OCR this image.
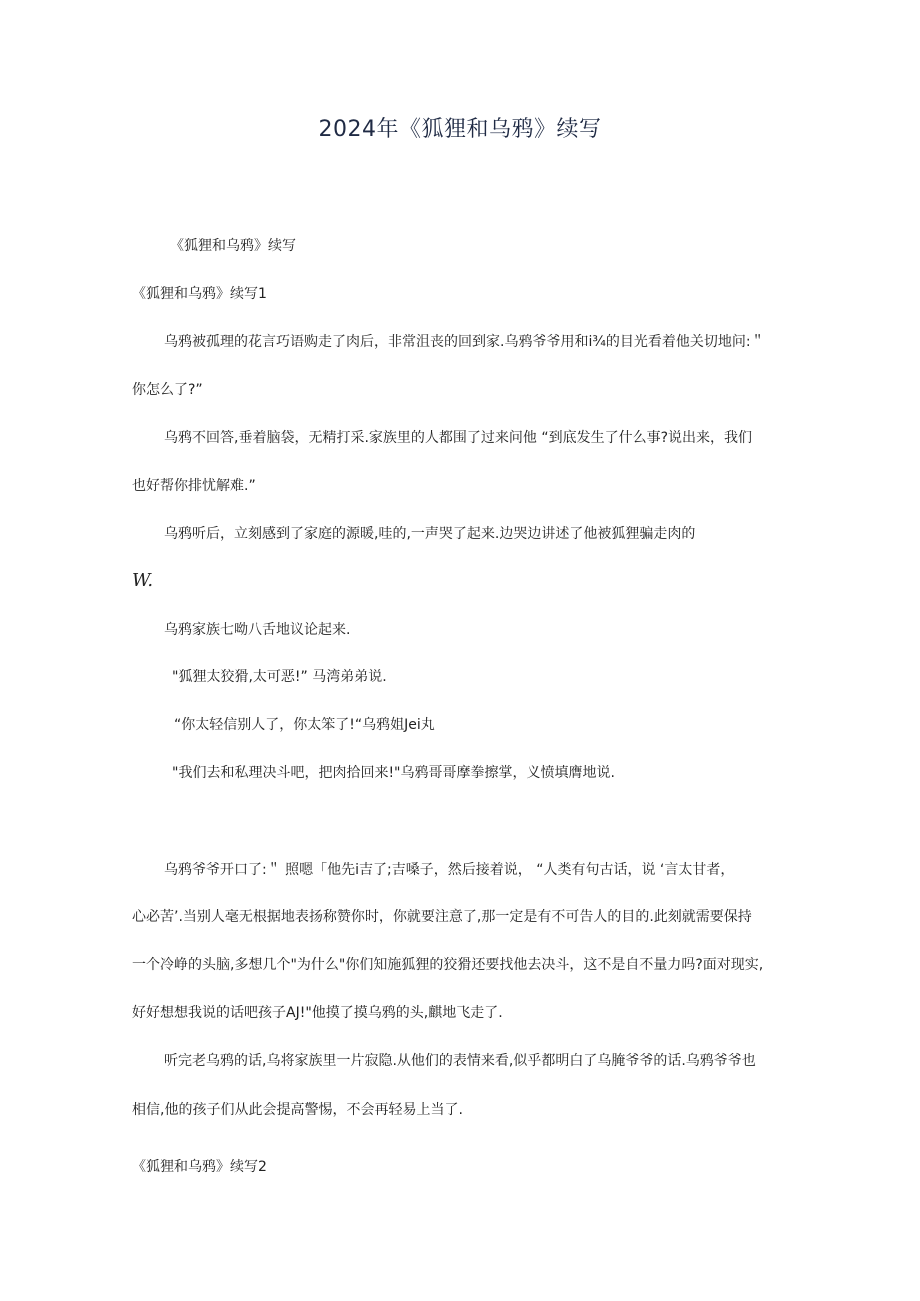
2024年《狐狸和乌鸦》续写
《狐狸和乌鸦》续写
《狐狸和乌鸦》续写1
乌鸦被孤理的花言巧语购走了肉后，非常沮丧的回到家.乌鸦爷爷用和i¾的目光看着他关切地问:＂
你怎么了?”
乌鸦不回答,垂着脑袋，无精打采.家族里的人都围了过来问他 “到底发生了什么事?说出来，我们
也好帮你排忧解难.”
乌鸦听后，立刻感到了家庭的源暖,哇的,一声哭了起来.边哭边讲述了他被狐狸骗走肉的
W.
乌鸦家族七呦八舌地议论起来.
"狐狸太狡猾,太可恶!” 马湾弟弟说.
“你太轻信别人了，你太笨了!“乌鸦姐Jei丸
"我们去和私理决斗吧，把肉拾回来!"乌鸦哥哥摩拳擦掌，义愤填膺地说.
乌鸦爷爷开口了:＂ 照嗯「他先i吉了;吉嗓子，然后接着说， “人类有句古话，说 ‘言太甘者，
心必苦’.当别人毫无根据地表扬称赞你时，你就要注意了,那一定是有不可告人的目的.此刻就需要保持
一个冷峥的头脑,多想几个"为什么"你们知施狐狸的狡猾还要找他去决斗，这不是自不量力吗?面对现实,
好好想想我说的话吧孩子AJ!"他摸了摸乌鸦的头,麒地飞走了.
听完老乌鸦的话,乌将家族里一片寂隐.从他们的表情来看,似乎都明白了乌腌爷爷的话.乌鸦爷爷也
相信,他的孩子们从此会提高警惕，不会再轻易上当了.
《狐狸和乌鸦》续写2
